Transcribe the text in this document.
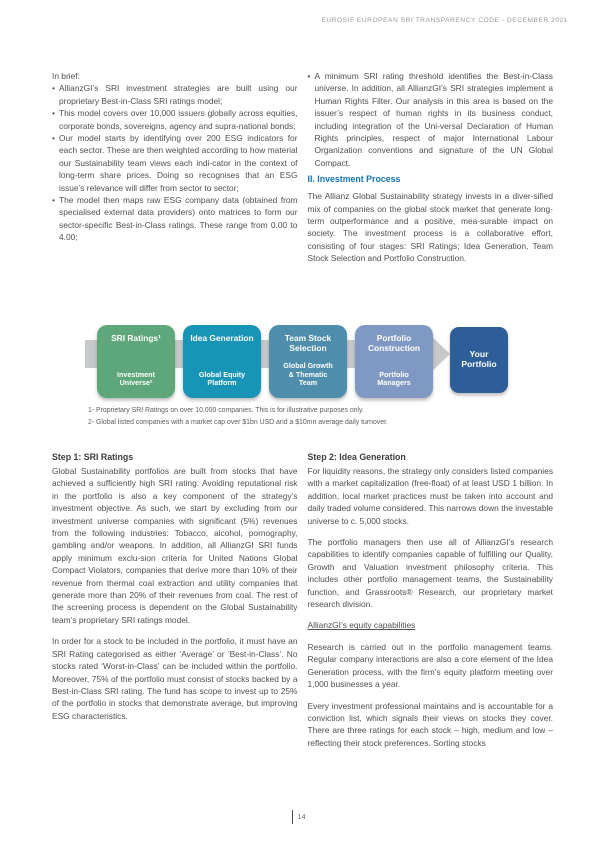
EUROSIF EUROPEAN SRI TRANSPARENCY CODE - DECEMBER 2021
In brief:
• AllianzGI’s SRI investment strategies are built using our proprietary Best-in-Class SRI ratings model;
• This model covers over 10,000 issuers globally across equities, corporate bonds, sovereigns, agency and supra-national bonds;
• Our model starts by identifying over 200 ESG indicators for each sector. These are then weighted according to how material our Sustainability team views each indi-cator in the context of long-term share prices. Doing so recognises that an ESG issue’s relevance will differ from sector to sector;
• The model then maps raw ESG company data (obtained from specialised external data providers) onto matrices to form our sector-specific Best-in-Class ratings. These range from 0.00 to 4.00;
• A minimum SRI rating threshold identifies the Best-in-Class universe. In addition, all AllianzGI’s SRI strategies implement a Human Rights Filter. Our analysis in this area is based on the issuer’s respect of human rights in its business conduct, including integration of the Uni-versal Declaration of Human Rights principles, respect of major International Labour Organization conventions and signature of the UN Global Compact.
II. Investment Process
The Allianz Global Sustainability strategy invests in a diver-sified mix of companies on the global stock market that generate long-term outperformance and a positive, mea-surable impact on society. The investment process is a collaborative effort, consisting of four stages: SRI Ratings; Idea Generation, Team Stock Selection and Portfolio Construction.
SRI Ratings¹
Investment Universe²
Idea Generation
Global Equity Platform
Team Stock Selection
Global Growth & Thematic Team
Portfolio Construction
Portfolio Managers
Your Portfolio
1- Proprietary SRI Ratings on over 10,000 companies. This is for illustrative purposes only.
2- Global listed companies with a market cap over $1bn USD and a $10mn average daily turnover.
Step 1: SRI Ratings
Global Sustainability portfolios are built from stocks that have achieved a sufficiently high SRI rating. Avoiding reputational risk in the portfolio is also a key component of the strategy’s investment objective. As such, we start by excluding from our investment universe companies with significant (5%) revenues from the following industries: Tobacco, alcohol, pornography, gambling and/or weapons. In addition, all AllianzGI SRI funds apply minimum exclu-sion criteria for United Nations Global Compact Violators, companies that derive more than 10% of their revenue from thermal coal extraction and utility companies that generate more than 20% of their revenues from coal. The rest of the screening process is dependent on the Global Sustainability team’s proprietary SRI ratings model.
In order for a stock to be included in the portfolio, it must have an SRI Rating categorised as either ‘Average’ or ‘Best-in-Class’. No stocks rated ‘Worst-in-Class’ can be included within the portfolio. Moreover, 75% of the portfolio must consist of stocks backed by a Best-in-Class SRI rating. The fund has scope to invest up to 25% of the portfolio in stocks that demonstrate average, but improving ESG characteristics.
Step 2: Idea Generation
For liquidity reasons, the strategy only considers listed companies with a market capitalization (free-float) of at least USD 1 billion. In addition, local market practices must be taken into account and daily traded volume considered. This narrows down the investable universe to c. 5,000 stocks.
The portfolio managers then use all of AllianzGI’s research capabilities to identify companies capable of fulfilling our Quality, Growth and Valuation investment philosophy criteria. This includes other portfolio management teams, the Sustainability function, and Grassroots® Research, our proprietary market research division.
AllianzGI’s equity capabilities
Research is carried out in the portfolio management teams. Regular company interactions are also a core element of the Idea Generation process, with the firm’s equity platform meeting over 1,000 businesses a year.
Every investment professional maintains and is accountable for a conviction list, which signals their views on stocks they cover. There are three ratings for each stock – high, medium and low – reflecting their stock preferences. Sorting stocks
14
